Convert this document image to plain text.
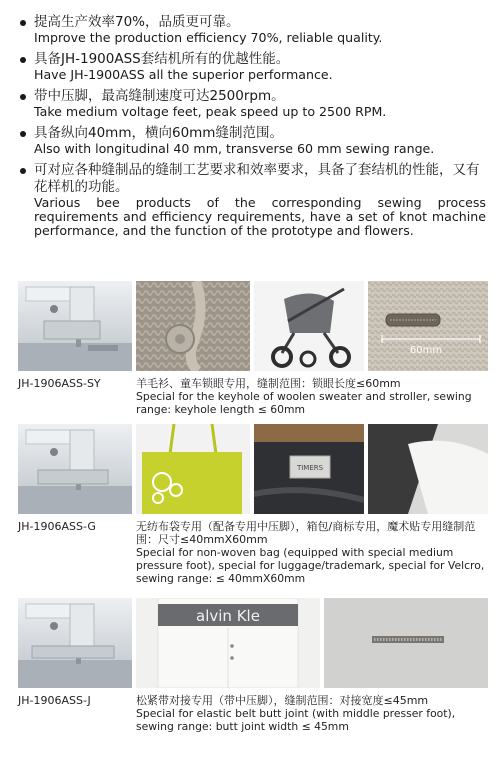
提高生产效率70%，品质更可靠。
Improve the production efficiency 70%, reliable quality.
具备JH-1900ASS套结机所有的优越性能。
Have JH-1900ASS all the superior performance.
带中压脚，最高缝制速度可达2500rpm。
Take medium voltage feet, peak speed up to 2500 RPM.
具备纵向40mm，横向60mm缝制范围。
Also with longitudinal 40 mm, transverse 60 mm sewing range.
可对应各种缝制品的缝制工艺要求和效率要求，具备了套结机的性能，又有花样机的功能。
Various bee products of the corresponding sewing process requirements and efficiency requirements, have a set of knot machine performance, and the function of the prototype and flowers.
60mm
JH-1906ASS-SY	羊毛衫、童车锁眼专用，缝制范围：锁眼长度≤60mm
Special for the keyhole of woolen sweater and stroller, sewing range: keyhole length ≤ 60mm
TIMERS
JH-1906ASS-G	无纺布袋专用（配备专用中压脚），箱包/商标专用，魔术贴专用缝制范围：尺寸≤40mmX60mm
Special for non-woven bag (equipped with special medium pressure foot), special for luggage/trademark, special for Velcro, sewing range: ≤ 40mmX60mm
alvin Kle
JH-1906ASS-J	松紧带对接专用（带中压脚），缝制范围：对接宽度≤45mm
Special for elastic belt butt joint (with middle presser foot), sewing range: butt joint width ≤ 45mm
